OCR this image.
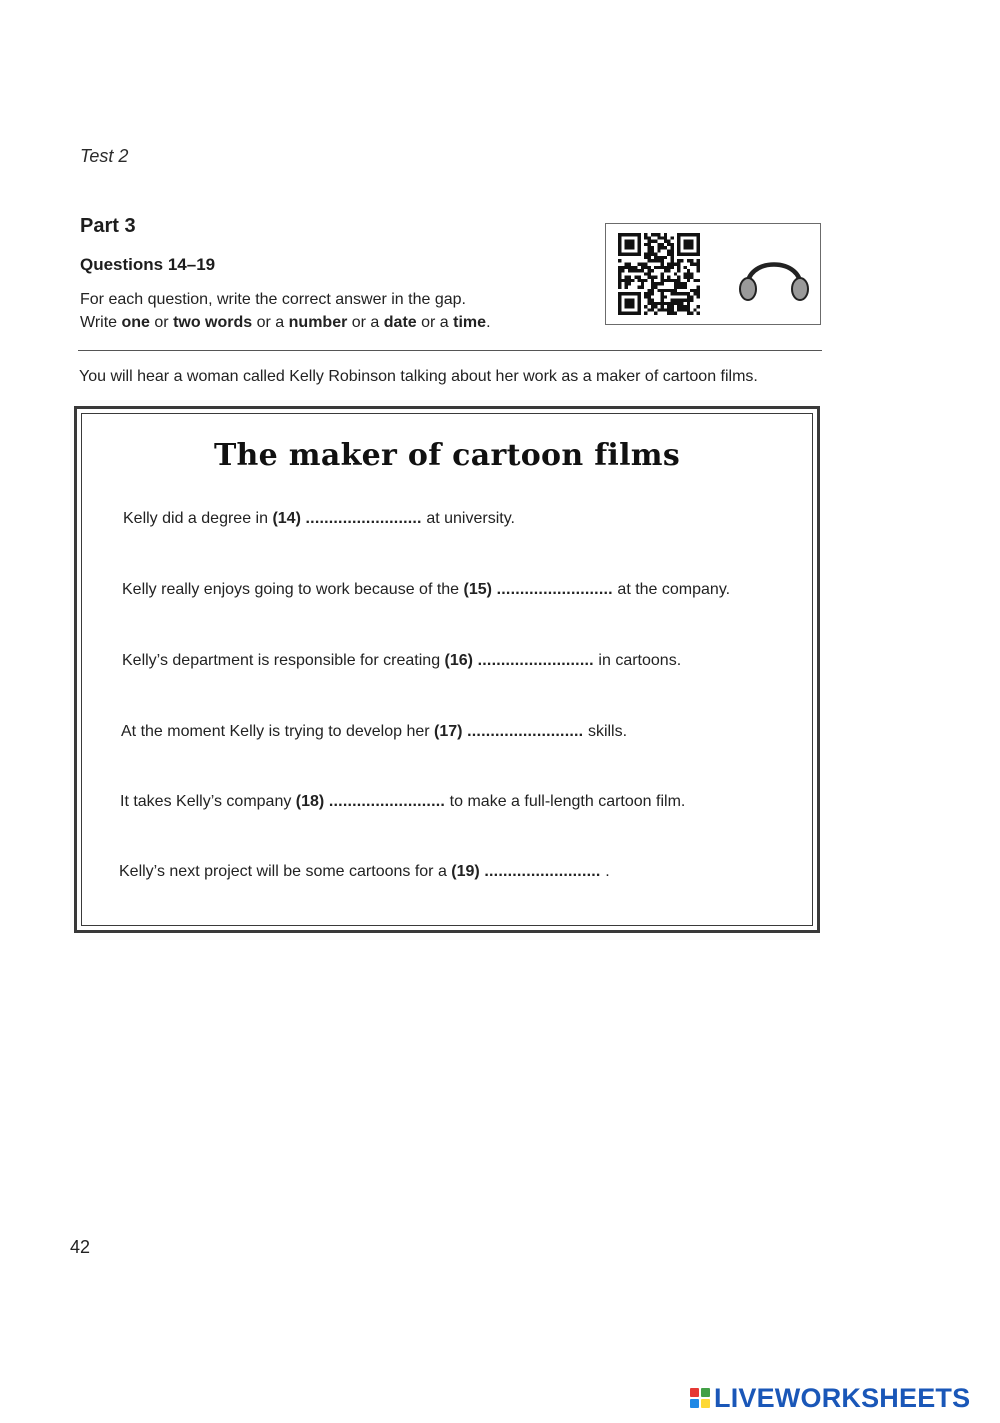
Test 2
Part 3
Questions 14–19
For each question, write the correct answer in the gap.
Write one or two words or a number or a date or a time.
You will hear a woman called Kelly Robinson talking about her work as a maker of cartoon films.
The maker of cartoon films
Kelly did a degree in (14) ......................... at university.
Kelly really enjoys going to work because of the (15) ......................... at the company.
Kelly’s department is responsible for creating (16) ......................... in cartoons.
At the moment Kelly is trying to develop her (17) ......................... skills.
It takes Kelly’s company (18) ......................... to make a full-length cartoon film.
Kelly’s next project will be some cartoons for a (19) ......................... .
42
LIVEWORKSHEETS
